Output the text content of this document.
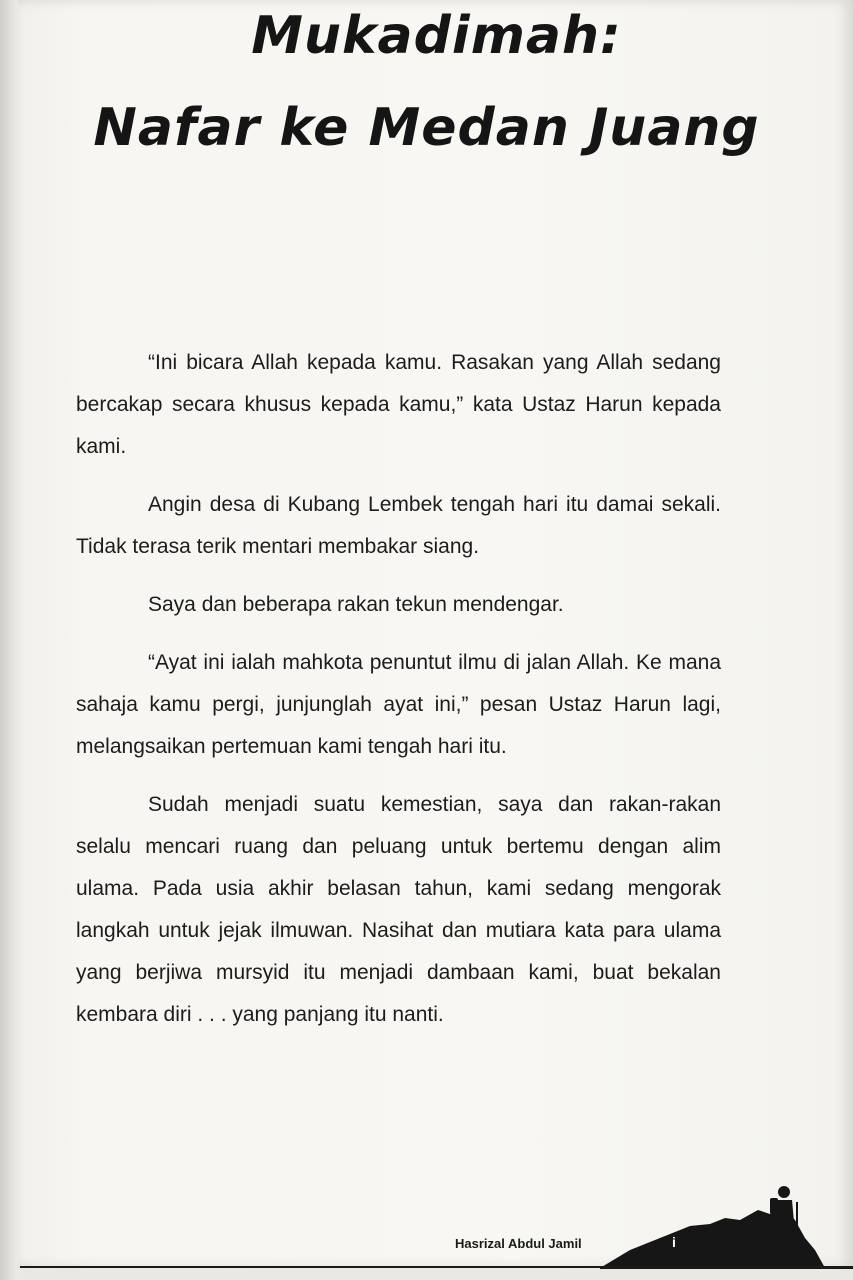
Mukadimah:
Nafar ke Medan Juang

“Ini bicara Allah kepada kamu. Rasakan yang Allah sedang bercakap secara khusus kepada kamu,” kata Ustaz Harun kepada kami.

Angin desa di Kubang Lembek tengah hari itu damai sekali. Tidak terasa terik mentari membakar siang.

Saya dan beberapa rakan tekun mendengar.

“Ayat ini ialah mahkota penuntut ilmu di jalan Allah. Ke mana sahaja kamu pergi, junjunglah ayat ini,” pesan Ustaz Harun lagi, melangsaikan pertemuan kami tengah hari itu.

Sudah menjadi suatu kemestian, saya dan rakan-rakan selalu mencari ruang dan peluang untuk bertemu dengan alim ulama. Pada usia akhir belasan tahun, kami sedang mengorak langkah untuk jejak ilmuwan. Nasihat dan mutiara kata para ulama yang berjiwa mursyid itu menjadi dambaan kami, buat bekalan kembara diri . . . yang panjang itu nanti.

Hasrizal Abdul Jamil	i
